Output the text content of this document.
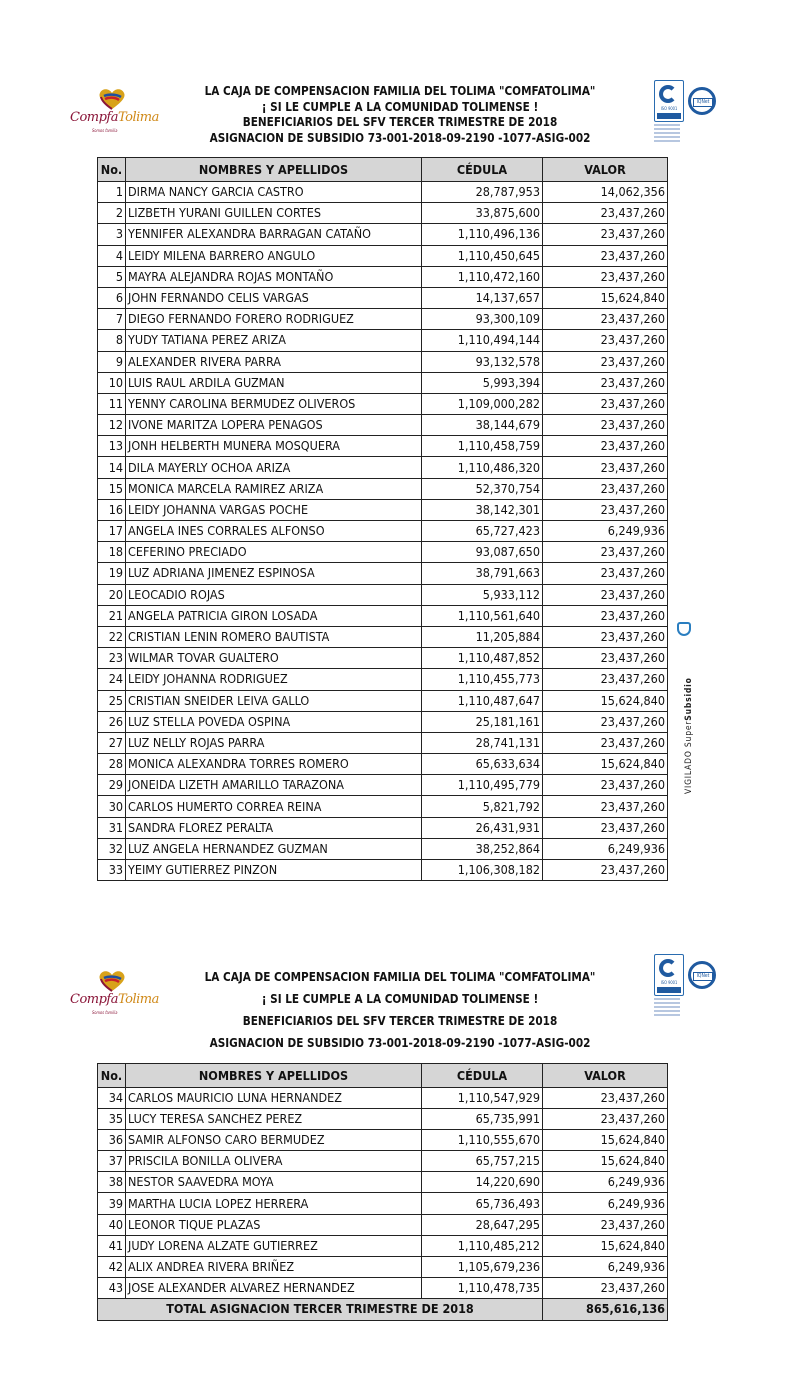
CompfaTolima
Somos familia
LA CAJA DE COMPENSACION FAMILIA DEL TOLIMA "COMFATOLIMA"
¡ SI LE CUMPLE A LA COMUNIDAD TOLIMENSE !
BENEFICIARIOS DEL SFV TERCER TRIMESTRE DE 2018
ASIGNACION DE SUBSIDIO 73-001-2018-09-2190 -1077-ASIG-002
ISO 9001
IQNet
No.	NOMBRES Y APELLIDOS	CÉDULA	VALOR
1	DIRMA NANCY GARCIA CASTRO	28,787,953	14,062,356
2	LIZBETH YURANI GUILLEN CORTES	33,875,600	23,437,260
3	YENNIFER ALEXANDRA BARRAGAN CATAÑO	1,110,496,136	23,437,260
4	LEIDY MILENA BARRERO ANGULO	1,110,450,645	23,437,260
5	MAYRA ALEJANDRA ROJAS MONTAÑO	1,110,472,160	23,437,260
6	JOHN FERNANDO CELIS VARGAS	14,137,657	15,624,840
7	DIEGO FERNANDO FORERO RODRIGUEZ	93,300,109	23,437,260
8	YUDY TATIANA PEREZ ARIZA	1,110,494,144	23,437,260
9	ALEXANDER RIVERA PARRA	93,132,578	23,437,260
10	LUIS RAUL ARDILA GUZMAN	5,993,394	23,437,260
11	YENNY CAROLINA BERMUDEZ OLIVEROS	1,109,000,282	23,437,260
12	IVONE MARITZA LOPERA PENAGOS	38,144,679	23,437,260
13	JONH HELBERTH MUNERA MOSQUERA	1,110,458,759	23,437,260
14	DILA MAYERLY OCHOA ARIZA	1,110,486,320	23,437,260
15	MONICA MARCELA RAMIREZ ARIZA	52,370,754	23,437,260
16	LEIDY JOHANNA VARGAS POCHE	38,142,301	23,437,260
17	ANGELA INES CORRALES ALFONSO	65,727,423	6,249,936
18	CEFERINO PRECIADO	93,087,650	23,437,260
19	LUZ ADRIANA JIMENEZ ESPINOSA	38,791,663	23,437,260
20	LEOCADIO ROJAS	5,933,112	23,437,260
21	ANGELA PATRICIA GIRON LOSADA	1,110,561,640	23,437,260
22	CRISTIAN LENIN ROMERO BAUTISTA	11,205,884	23,437,260
23	WILMAR TOVAR GUALTERO	1,110,487,852	23,437,260
24	LEIDY JOHANNA RODRIGUEZ	1,110,455,773	23,437,260
25	CRISTIAN SNEIDER LEIVA GALLO	1,110,487,647	15,624,840
26	LUZ STELLA POVEDA OSPINA	25,181,161	23,437,260
27	LUZ NELLY ROJAS PARRA	28,741,131	23,437,260
28	MONICA ALEXANDRA TORRES ROMERO	65,633,634	15,624,840
29	JONEIDA LIZETH AMARILLO TARAZONA	1,110,495,779	23,437,260
30	CARLOS HUMERTO CORREA REINA	5,821,792	23,437,260
31	SANDRA FLOREZ PERALTA	26,431,931	23,437,260
32	LUZ ANGELA HERNANDEZ GUZMAN	38,252,864	6,249,936
33	YEIMY GUTIERREZ PINZON	1,106,308,182	23,437,260
VIGILADO SuperSubsidio
CompfaTolima
Somos familia
LA CAJA DE COMPENSACION FAMILIA DEL TOLIMA "COMFATOLIMA"
¡ SI LE CUMPLE A LA COMUNIDAD TOLIMENSE !
BENEFICIARIOS DEL SFV TERCER TRIMESTRE DE 2018
ASIGNACION DE SUBSIDIO 73-001-2018-09-2190 -1077-ASIG-002
ISO 9001
IQNet
No.	NOMBRES Y APELLIDOS	CÉDULA	VALOR
34	CARLOS MAURICIO LUNA HERNANDEZ	1,110,547,929	23,437,260
35	LUCY TERESA SANCHEZ PEREZ	65,735,991	23,437,260
36	SAMIR ALFONSO CARO BERMUDEZ	1,110,555,670	15,624,840
37	PRISCILA BONILLA OLIVERA	65,757,215	15,624,840
38	NESTOR SAAVEDRA MOYA	14,220,690	6,249,936
39	MARTHA LUCIA LOPEZ HERRERA	65,736,493	6,249,936
40	LEONOR TIQUE PLAZAS	28,647,295	23,437,260
41	JUDY LORENA ALZATE GUTIERREZ	1,110,485,212	15,624,840
42	ALIX ANDREA RIVERA BRIÑEZ	1,105,679,236	6,249,936
43	JOSE ALEXANDER ALVAREZ HERNANDEZ	1,110,478,735	23,437,260
TOTAL ASIGNACION TERCER TRIMESTRE DE 2018			865,616,136
